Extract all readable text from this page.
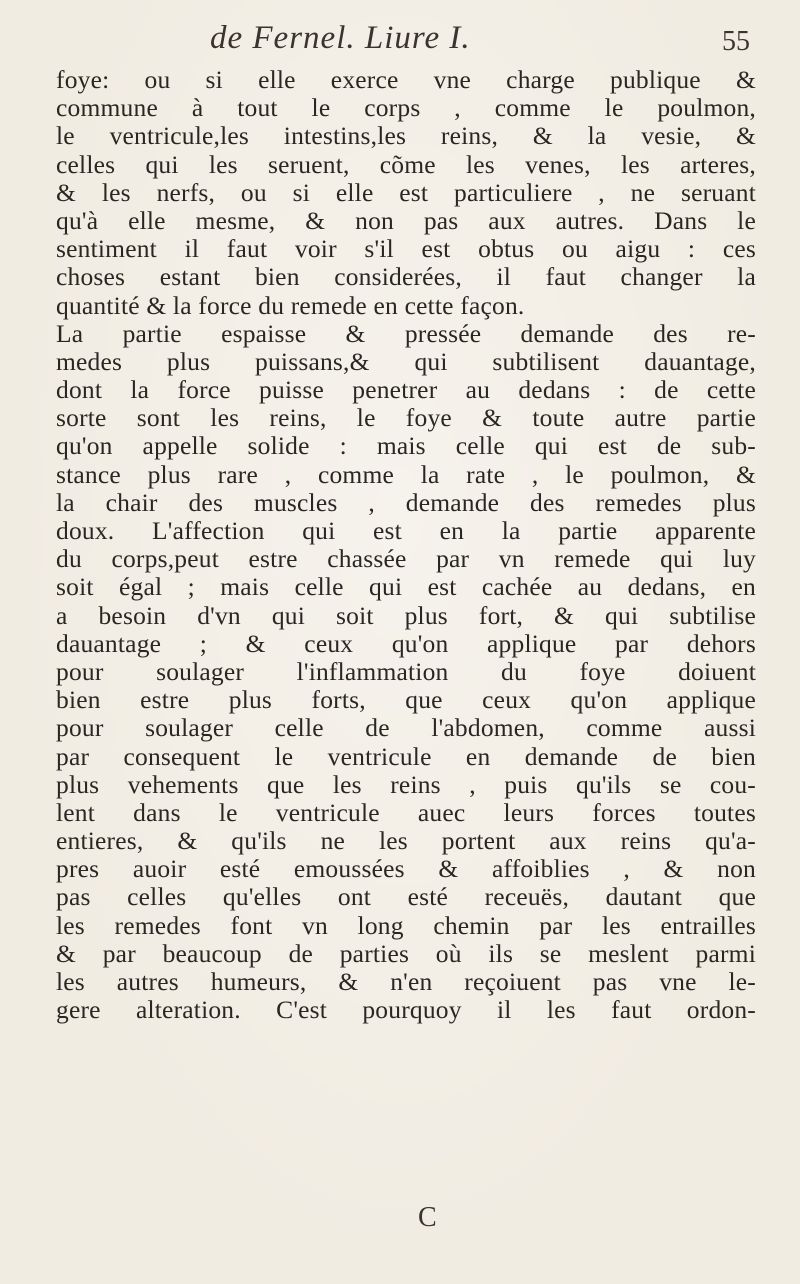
de Fernel. Liure I.	55
foye: ou si elle exerce vne charge publique &
commune à tout le corps , comme le poulmon,
le ventricule,les intestins,les reins, & la vesie, &
celles qui les seruent, cõme les venes, les arteres,
& les nerfs, ou si elle est particuliere , ne seruant
qu'à elle mesme, & non pas aux autres. Dans le
sentiment il faut voir s'il est obtus ou aigu : ces
choses estant bien considerées, il faut changer la
quantité & la force du remede en cette façon.
La partie espaisse & pressée demande des re-
medes plus puissans,& qui subtilisent dauantage,
dont la force puisse penetrer au dedans : de cette
sorte sont les reins, le foye & toute autre partie
qu'on appelle solide : mais celle qui est de sub-
stance plus rare , comme la rate , le poulmon, &
la chair des muscles , demande des remedes plus
doux. L'affection qui est en la partie apparente
du corps,peut estre chassée par vn remede qui luy
soit égal ; mais celle qui est cachée au dedans, en
a besoin d'vn qui soit plus fort, & qui subtilise
dauantage ; & ceux qu'on applique par dehors
pour soulager l'inflammation du foye doiuent
bien estre plus forts, que ceux qu'on applique
pour soulager celle de l'abdomen, comme aussi
par consequent le ventricule en demande de bien
plus vehements que les reins , puis qu'ils se cou-
lent dans le ventricule auec leurs forces toutes
entieres, & qu'ils ne les portent aux reins qu'a-
pres auoir esté emoussées & affoiblies , & non
pas celles qu'elles ont esté receuës, dautant que
les remedes font vn long chemin par les entrailles
& par beaucoup de parties où ils se meslent parmi
les autres humeurs, & n'en reçoiuent pas vne le-
gere alteration. C'est pourquoy il les faut ordon-
C
